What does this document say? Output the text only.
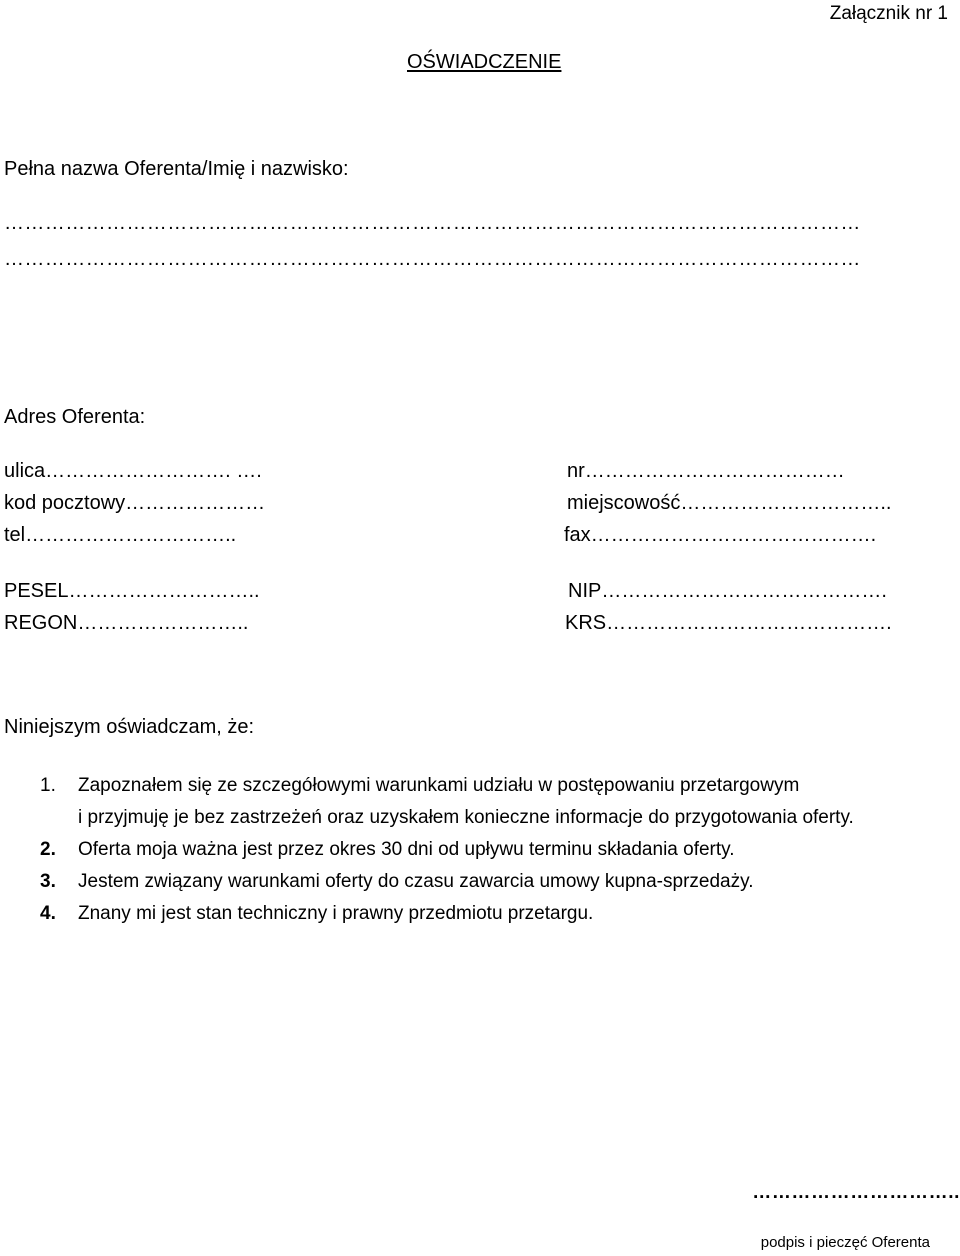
Załącznik nr 1
OŚWIADCZENIE
Pełna nazwa Oferenta/Imię i nazwisko:
………………………………………………………………………………………………………………
………………………………………………………………………………………………………………
Adres Oferenta:
ulica………………………. ….
kod pocztowy…………………
tel…………………………..
PESEL………………………..
REGON……………………..
nr…………………………………
miejscowość…………………………..
fax…………………………………….
NIP…………………………………….
KRS…………………………………….
Niniejszym oświadczam, że:
1. Zapoznałem się ze szczegółowymi warunkami udziału w postępowaniu przetargowym
i przyjmuję je bez zastrzeżeń oraz uzyskałem konieczne informacje do przygotowania oferty.
2. Oferta moja ważna jest przez okres 30 dni od upływu terminu składania oferty.
3. Jestem związany warunkami oferty do czasu zawarcia umowy kupna-sprzedaży.
4. Znany mi jest stan techniczny i prawny przedmiotu przetargu.
…………………………..
podpis i pieczęć Oferenta
